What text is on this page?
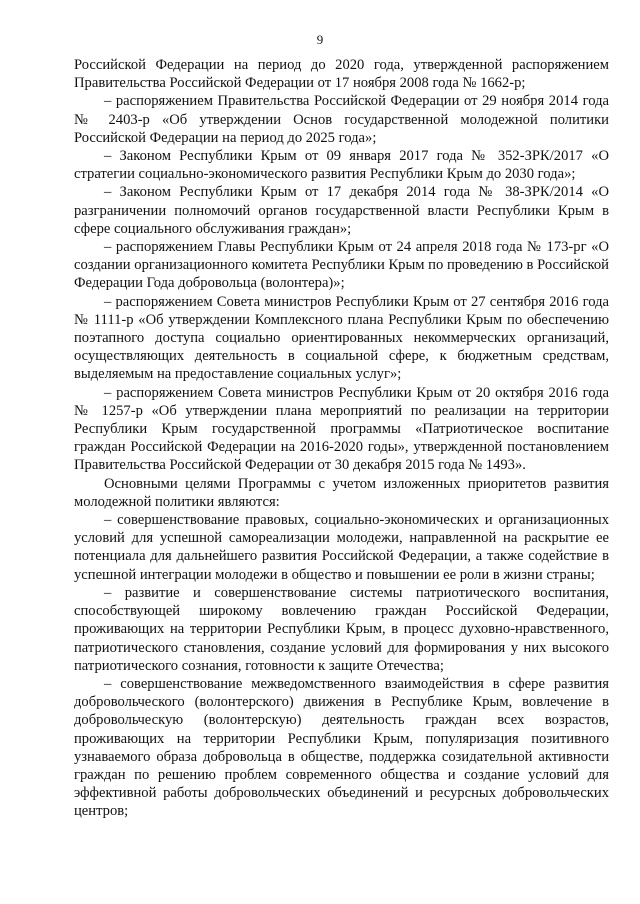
9

Российской Федерации на период до 2020 года, утвержденной распоряжением Правительства Российской Федерации от 17 ноября 2008 года № 1662-р;

– распоряжением Правительства Российской Федерации от 29 ноября 2014 года № 2403-р «Об утверждении Основ государственной молодежной политики Российской Федерации на период до 2025 года»;

– Законом Республики Крым от 09 января 2017 года № 352-ЗРК/2017 «О стратегии социально-экономического развития Республики Крым до 2030 года»;

– Законом Республики Крым от 17 декабря 2014 года № 38-ЗРК/2014 «О разграничении полномочий органов государственной власти Республики Крым в сфере социального обслуживания граждан»;

– распоряжением Главы Республики Крым от 24 апреля 2018 года № 173-рг «О создании организационного комитета Республики Крым по проведению в Российской Федерации Года добровольца (волонтера)»;

– распоряжением Совета министров Республики Крым от 27 сентября 2016 года № 1111-р «Об утверждении Комплексного плана Республики Крым по обеспечению поэтапного доступа социально ориентированных некоммерческих организаций, осуществляющих деятельность в социальной сфере, к бюджетным средствам, выделяемым на предоставление социальных услуг»;

– распоряжением Совета министров Республики Крым от 20 октября 2016 года № 1257-р «Об утверждении плана мероприятий по реализации на территории Республики Крым государственной программы «Патриотическое воспитание граждан Российской Федерации на 2016-2020 годы», утвержденной постановлением Правительства Российской Федерации от 30 декабря 2015 года № 1493».

Основными целями Программы с учетом изложенных приоритетов развития молодежной политики являются:

– совершенствование правовых, социально-экономических и организационных условий для успешной самореализации молодежи, направленной на раскрытие ее потенциала для дальнейшего развития Российской Федерации, а также содействие в успешной интеграции молодежи в общество и повышении ее роли в жизни страны;

– развитие и совершенствование системы патриотического воспитания, способствующей широкому вовлечению граждан Российской Федерации, проживающих на территории Республики Крым, в процесс духовно-нравственного, патриотического становления, создание условий для формирования у них высокого патриотического сознания, готовности к защите Отечества;

– совершенствование межведомственного взаимодействия в сфере развития добровольческого (волонтерского) движения в Республике Крым, вовлечение в добровольческую (волонтерскую) деятельность граждан всех возрастов, проживающих на территории Республики Крым, популяризация позитивного узнаваемого образа добровольца в обществе, поддержка созидательной активности граждан по решению проблем современного общества и создание условий для эффективной работы добровольческих объединений и ресурсных добровольческих центров;
